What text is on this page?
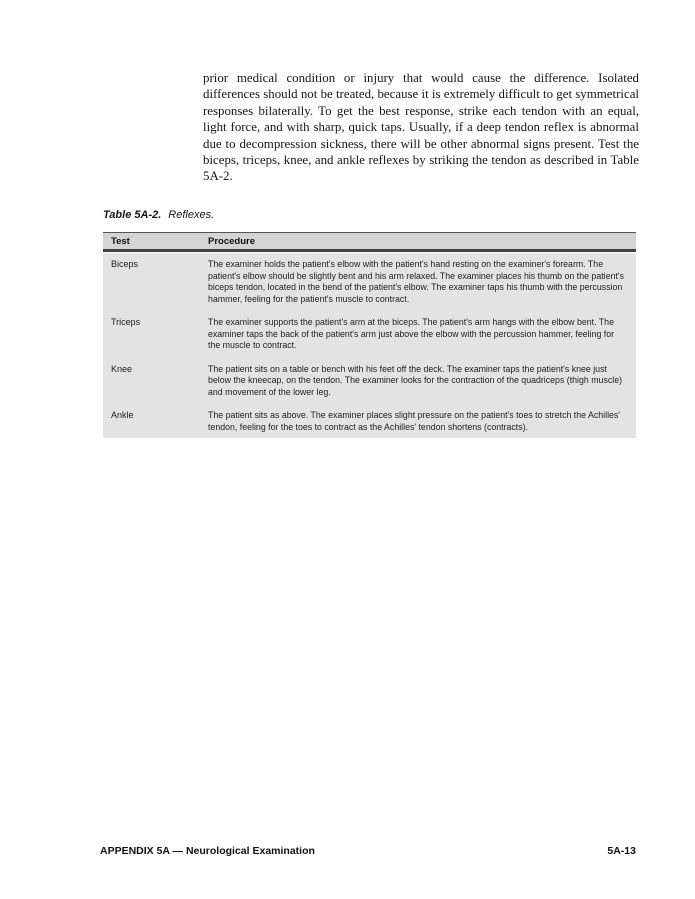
prior medical condition or injury that would cause the difference. Isolated differences should not be treated, because it is extremely difficult to get symmetrical responses bilaterally. To get the best response, strike each tendon with an equal, light force, and with sharp, quick taps. Usually, if a deep tendon reflex is abnormal due to decompression sickness, there will be other abnormal signs present. Test the biceps, triceps, knee, and ankle reflexes by striking the tendon as described in Table 5A-2.

Table 5A-2. Reflexes.
Test	Procedure
Biceps	The examiner holds the patient's elbow with the patient's hand resting on the examiner's forearm. The patient's elbow should be slightly bent and his arm relaxed. The examiner places his thumb on the patient's biceps tendon, located in the bend of the patient's elbow. The examiner taps his thumb with the percussion hammer, feeling for the patient's muscle to contract.
Triceps	The examiner supports the patient's arm at the biceps. The patient's arm hangs with the elbow bent. The examiner taps the back of the patient's arm just above the elbow with the percussion hammer, feeling for the muscle to contract.
Knee	The patient sits on a table or bench with his feet off the deck. The examiner taps the patient's knee just below the kneecap, on the tendon. The examiner looks for the contraction of the quadriceps (thigh muscle) and movement of the lower leg.
Ankle	The patient sits as above. The examiner places slight pressure on the patient's toes to stretch the Achilles' tendon, feeling for the toes to contract as the Achilles' tendon shortens (contracts).
APPENDIX 5A — Neurological Examination	5A-13
